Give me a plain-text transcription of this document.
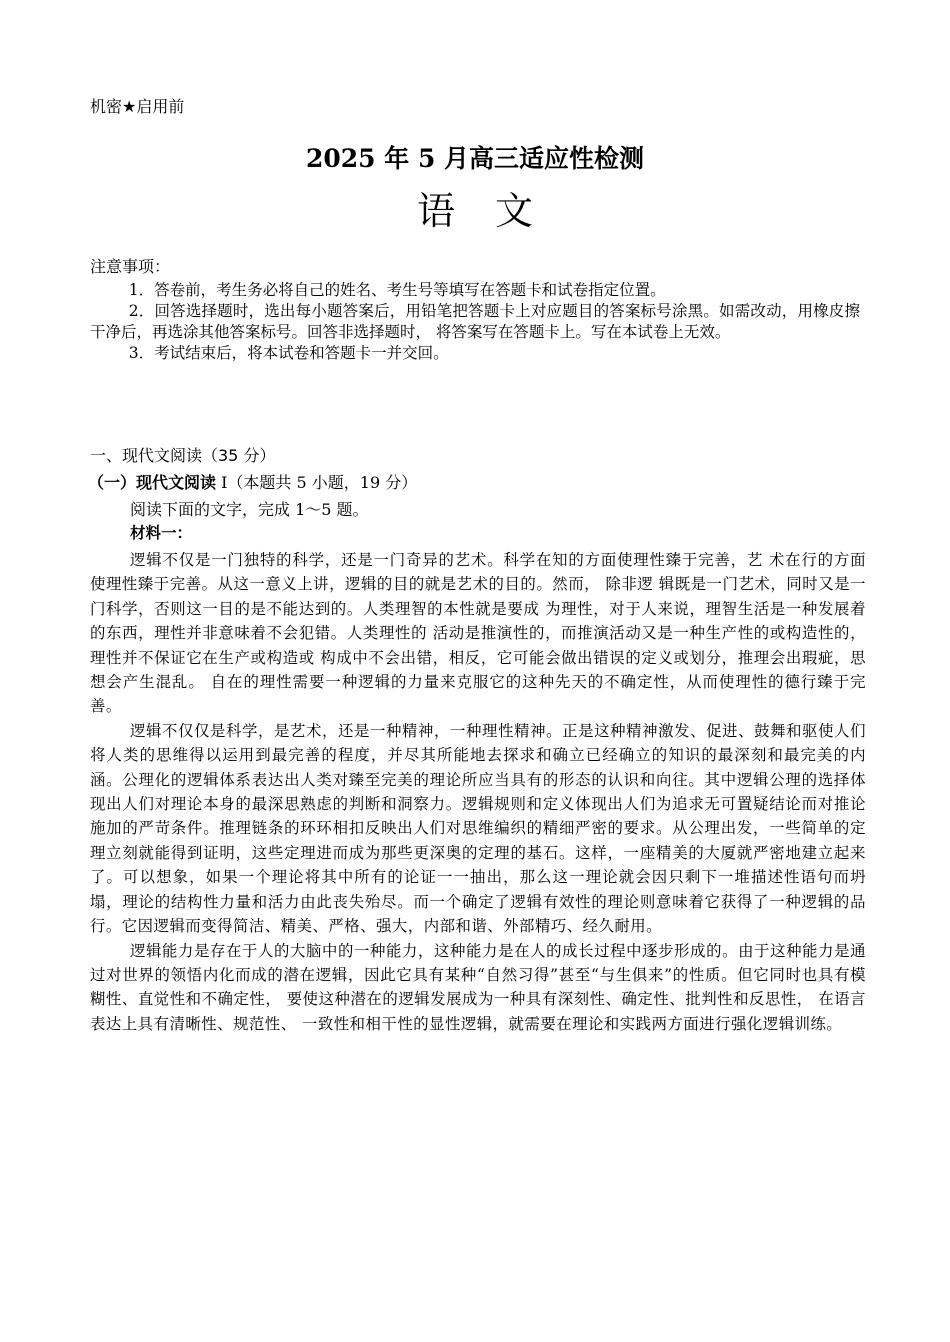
机密★启用前
2025 年 5 月高三适应性检测
语文
注意事项：

1．答卷前，考生务必将自己的姓名、考生号等填写在答题卡和试卷指定位置。

2．回答选择题时，选出每小题答案后，用铅笔把答题卡上对应题目的答案标号涂黑。如需改动，用橡皮擦干净后，再选涂其他答案标号。回答非选择题时， 将答案写在答题卡上。写在本试卷上无效。

3．考试结束后，将本试卷和答题卡一并交回。

一、现代文阅读（35 分）
（一）现代文阅读 I（本题共 5 小题，19 分）
阅读下面的文字，完成 1～5 题。
材料一：

逻辑不仅是一门独特的科学，还是一门奇异的艺术。科学在知的方面使理性臻于完善，艺 术在行的方面使理性臻于完善。从这一意义上讲，逻辑的目的就是艺术的目的。然而， 除非逻 辑既是一门艺术，同时又是一门科学，否则这一目的是不能达到的。人类理智的本性就是要成 为理性，对于人来说，理智生活是一种发展着的东西，理性并非意味着不会犯错。人类理性的 活动是推演性的，而推演活动又是一种生产性的或构造性的，理性并不保证它在生产或构造或 构成中不会出错，相反，它可能会做出错误的定义或划分，推理会出瑕疵，思想会产生混乱。 自在的理性需要一种逻辑的力量来克服它的这种先天的不确定性，从而使理性的德行臻于完 善。

逻辑不仅仅是科学，是艺术，还是一种精神，一种理性精神。正是这种精神激发、促进、鼓舞和驱使人们将人类的思维得以运用到最完善的程度，并尽其所能地去探求和确立已经确立的知识的最深刻和最完美的内涵。公理化的逻辑体系表达出人类对臻至完美的理论所应当具有的形态的认识和向往。其中逻辑公理的选择体现出人们对理论本身的最深思熟虑的判断和洞察力。逻辑规则和定义体现出人们为追求无可置疑结论而对推论施加的严苛条件。推理链条的环环相扣反映出人们对思维编织的精细严密的要求。从公理出发，一些简单的定理立刻就能得到证明，这些定理进而成为那些更深奥的定理的基石。这样，一座精美的大厦就严密地建立起来了。可以想象，如果一个理论将其中所有的论证一一抽出，那么这一理论就会因只剩下一堆描述性语句而坍塌，理论的结构性力量和活力由此丧失殆尽。而一个确定了逻辑有效性的理论则意味着它获得了一种逻辑的品行。它因逻辑而变得简洁、精美、严格、强大，内部和谐、外部精巧、经久耐用。

逻辑能力是存在于人的大脑中的一种能力，这种能力是在人的成长过程中逐步形成的。由于这种能力是通过对世界的领悟内化而成的潜在逻辑，因此它具有某种“自然习得”甚至“与生俱来”的性质。但它同时也具有模糊性、直觉性和不确定性， 要使这种潜在的逻辑发展成为一种具有深刻性、确定性、批判性和反思性， 在语言表达上具有清晰性、规范性、 一致性和相干性的显性逻辑，就需要在理论和实践两方面进行强化逻辑训练。
